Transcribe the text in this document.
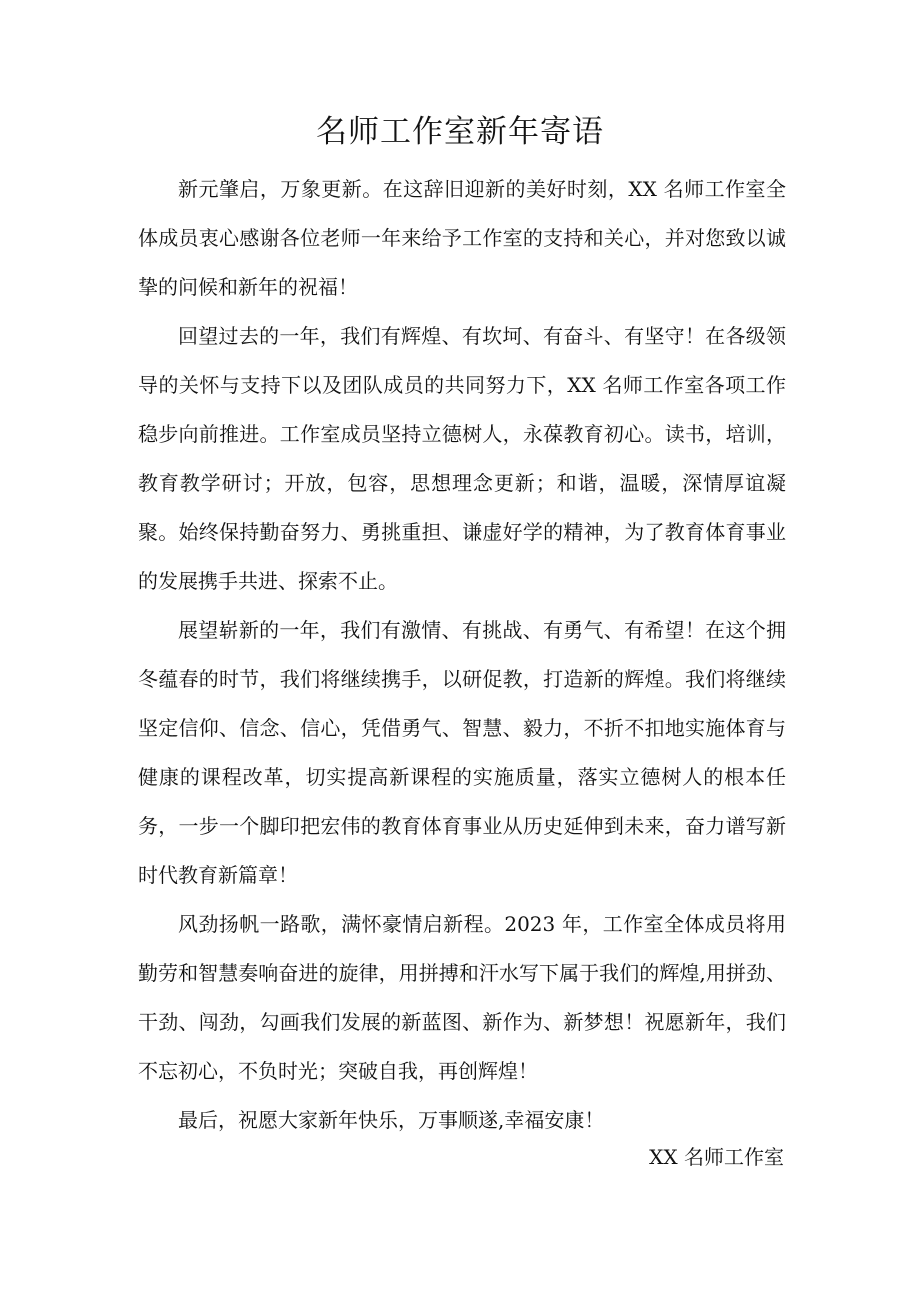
名师工作室新年寄语

新元肇启，万象更新。在这辞旧迎新的美好时刻，XX 名师工作室全体成员衷心感谢各位老师一年来给予工作室的支持和关心，并对您致以诚挚的问候和新年的祝福！

回望过去的一年，我们有辉煌、有坎坷、有奋斗、有坚守！在各级领导的关怀与支持下以及团队成员的共同努力下，XX 名师工作室各项工作稳步向前推进。工作室成员坚持立德树人，永葆教育初心。读书，培训，教育教学研讨；开放，包容，思想理念更新；和谐，温暖，深情厚谊凝聚。始终保持勤奋努力、勇挑重担、谦虚好学的精神，为了教育体育事业的发展携手共进、探索不止。

展望崭新的一年，我们有激情、有挑战、有勇气、有希望！在这个拥冬蕴春的时节，我们将继续携手，以研促教，打造新的辉煌。我们将继续坚定信仰、信念、信心，凭借勇气、智慧、毅力，不折不扣地实施体育与健康的课程改革，切实提高新课程的实施质量，落实立德树人的根本任务，一步一个脚印把宏伟的教育体育事业从历史延伸到未来，奋力谱写新时代教育新篇章！

风劲扬帆一路歌，满怀豪情启新程。2023 年，工作室全体成员将用勤劳和智慧奏响奋进的旋律，用拼搏和汗水写下属于我们的辉煌,用拼劲、干劲、闯劲，勾画我们发展的新蓝图、新作为、新梦想！祝愿新年，我们不忘初心，不负时光；突破自我，再创辉煌！

最后，祝愿大家新年快乐，万事顺遂,幸福安康！

XX 名师工作室
